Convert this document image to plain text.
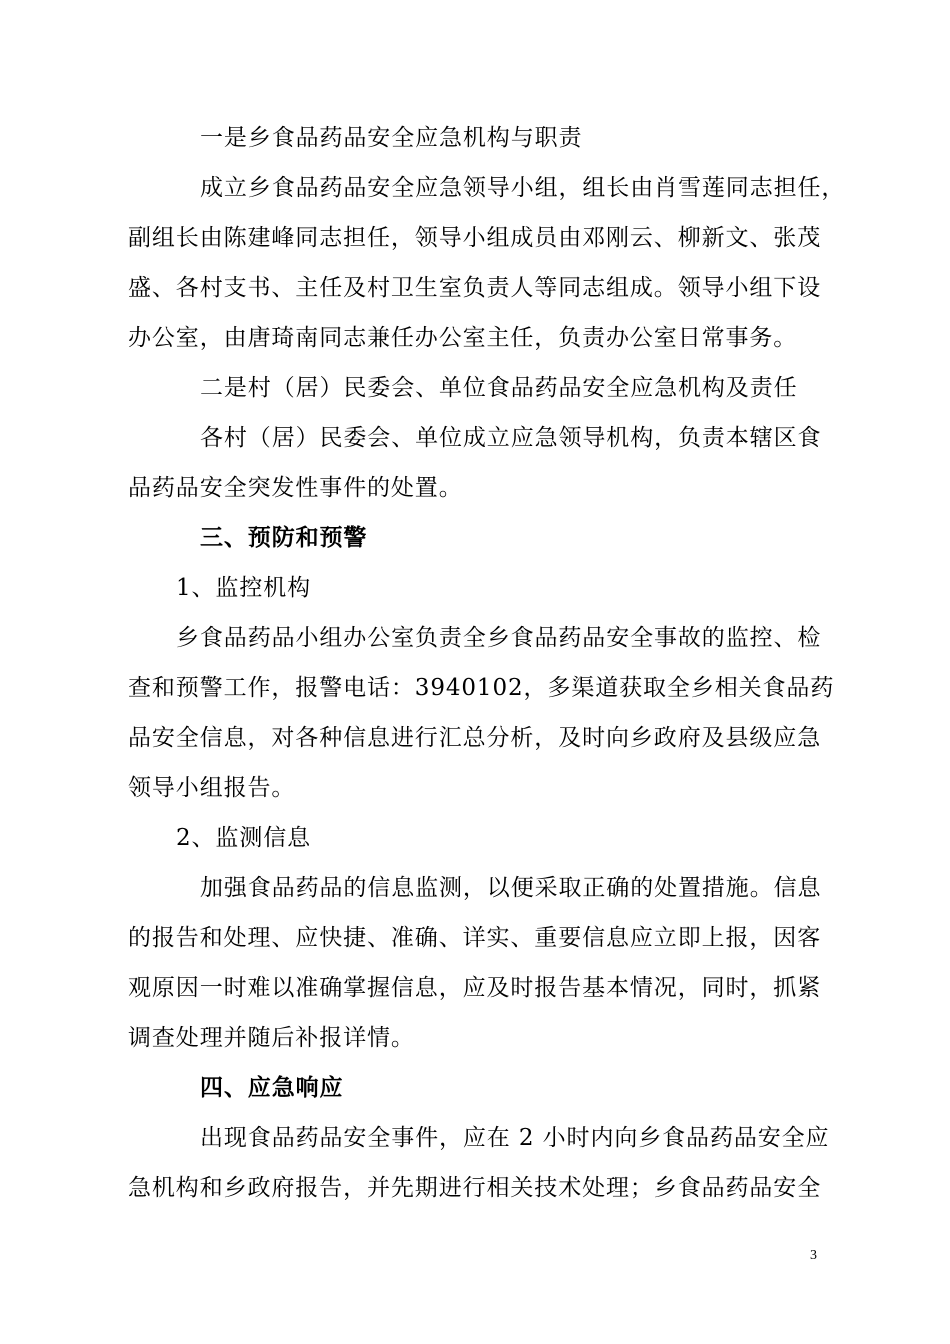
一是乡食品药品安全应急机构与职责

成立乡食品药品安全应急领导小组，组长由肖雪莲同志担任，

副组长由陈建峰同志担任，领导小组成员由邓刚云、柳新文、张茂

盛、各村支书、主任及村卫生室负责人等同志组成。领导小组下设

办公室，由唐琦南同志兼任办公室主任，负责办公室日常事务。

二是村（居）民委会、单位食品药品安全应急机构及责任

各村（居）民委会、单位成立应急领导机构，负责本辖区食

品药品安全突发性事件的处置。

三、预防和预警

1、监控机构

乡食品药品小组办公室负责全乡食品药品安全事故的监控、检

查和预警工作，报警电话：3940102，多渠道获取全乡相关食品药

品安全信息，对各种信息进行汇总分析，及时向乡政府及县级应急

领导小组报告。

2、监测信息

加强食品药品的信息监测，以便采取正确的处置措施。信息

的报告和处理、应快捷、准确、详实、重要信息应立即上报，因客

观原因一时难以准确掌握信息，应及时报告基本情况，同时，抓紧

调查处理并随后补报详情。

四、应急响应

出现食品药品安全事件，应在 2 小时内向乡食品药品安全应

急机构和乡政府报告，并先期进行相关技术处理；乡食品药品安全

3
